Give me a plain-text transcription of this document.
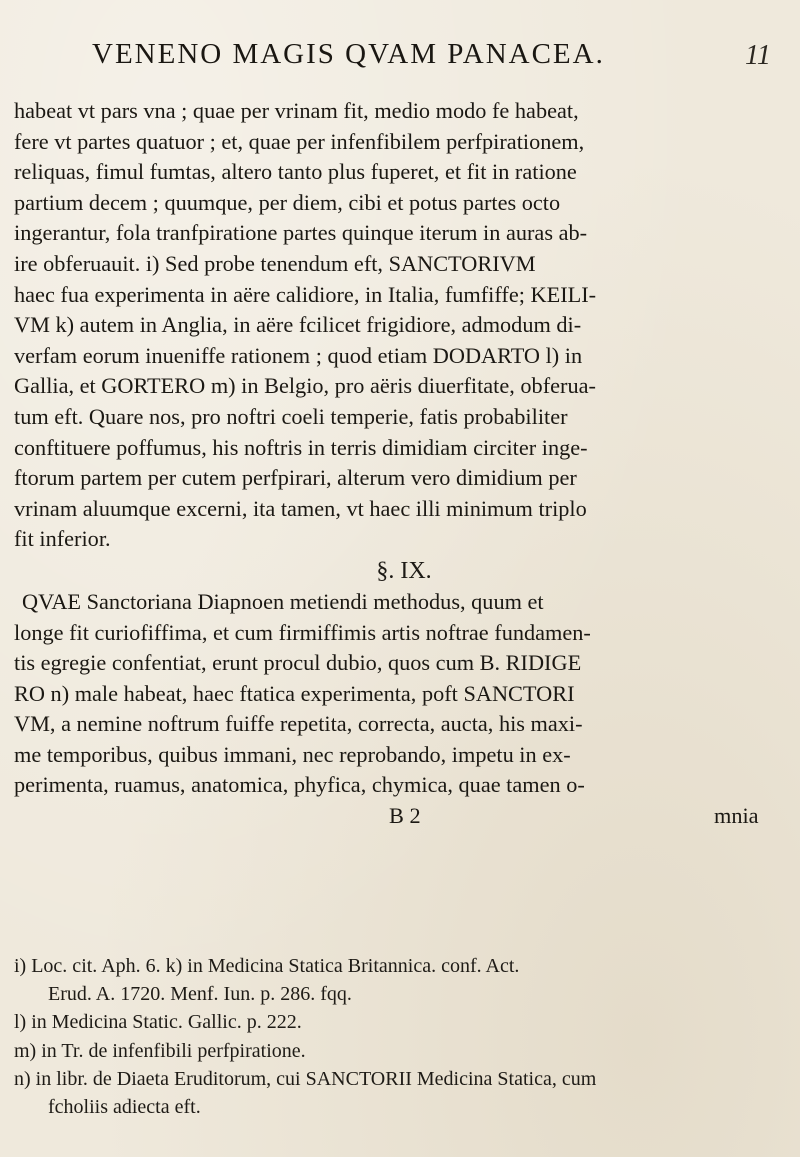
VENENO MAGIS QVAM PANACEA.	11
habeat vt pars vna ; quae per vrinam fit, medio modo fe habeat,
fere vt partes quatuor ; et, quae per infenfibilem perfpirationem,
reliquas, fimul fumtas, altero tanto plus fuperet, et fit in ratione
partium decem ; quumque, per diem, cibi et potus partes octo
ingerantur, fola tranfpiratione partes quinque iterum in auras ab-
ire obferuauit. i) Sed probe tenendum eft, SANCTORIVM
haec fua experimenta in aëre calidiore, in Italia, fumfiffe; KEILI-
VM k) autem in Anglia, in aëre fcilicet frigidiore, admodum di-
verfam eorum inueniffe rationem ; quod etiam DODARTO l) in
Gallia, et GORTERO m) in Belgio, pro aëris diuerfitate, obferua-
tum eft. Quare nos, pro noftri coeli temperie, fatis probabiliter
conftituere poffumus, his noftris in terris dimidiam circiter inge-
ftorum partem per cutem perfpirari, alterum vero dimidium per
vrinam aluumque excerni, ita tamen, vt haec illi minimum triplo
fit inferior.
§. IX.
QVAE Sanctoriana Diapnoen metiendi methodus, quum et
longe fit curiofiffima, et cum firmiffimis artis noftrae fundamen-
tis egregie confentiat, erunt procul dubio, quos cum B. RIDIGE
RO n) male habeat, haec ftatica experimenta, poft SANCTORI
VM, a nemine noftrum fuiffe repetita, correcta, aucta, his maxi-
me temporibus, quibus immani, nec reprobando, impetu in ex-
perimenta, ruamus, anatomica, phyfica, chymica, quae tamen o-
B 2	mnia
i) Loc. cit. Aph. 6. k) in Medicina Statica Britannica. conf. Act.
Erud. A. 1720. Menf. Iun. p. 286. fqq.
l) in Medicina Static. Gallic. p. 222.
m) in Tr. de infenfibili perfpiratione.
n) in libr. de Diaeta Eruditorum, cui SANCTORII Medicina Statica, cum
fcholiis adiecta eft.
